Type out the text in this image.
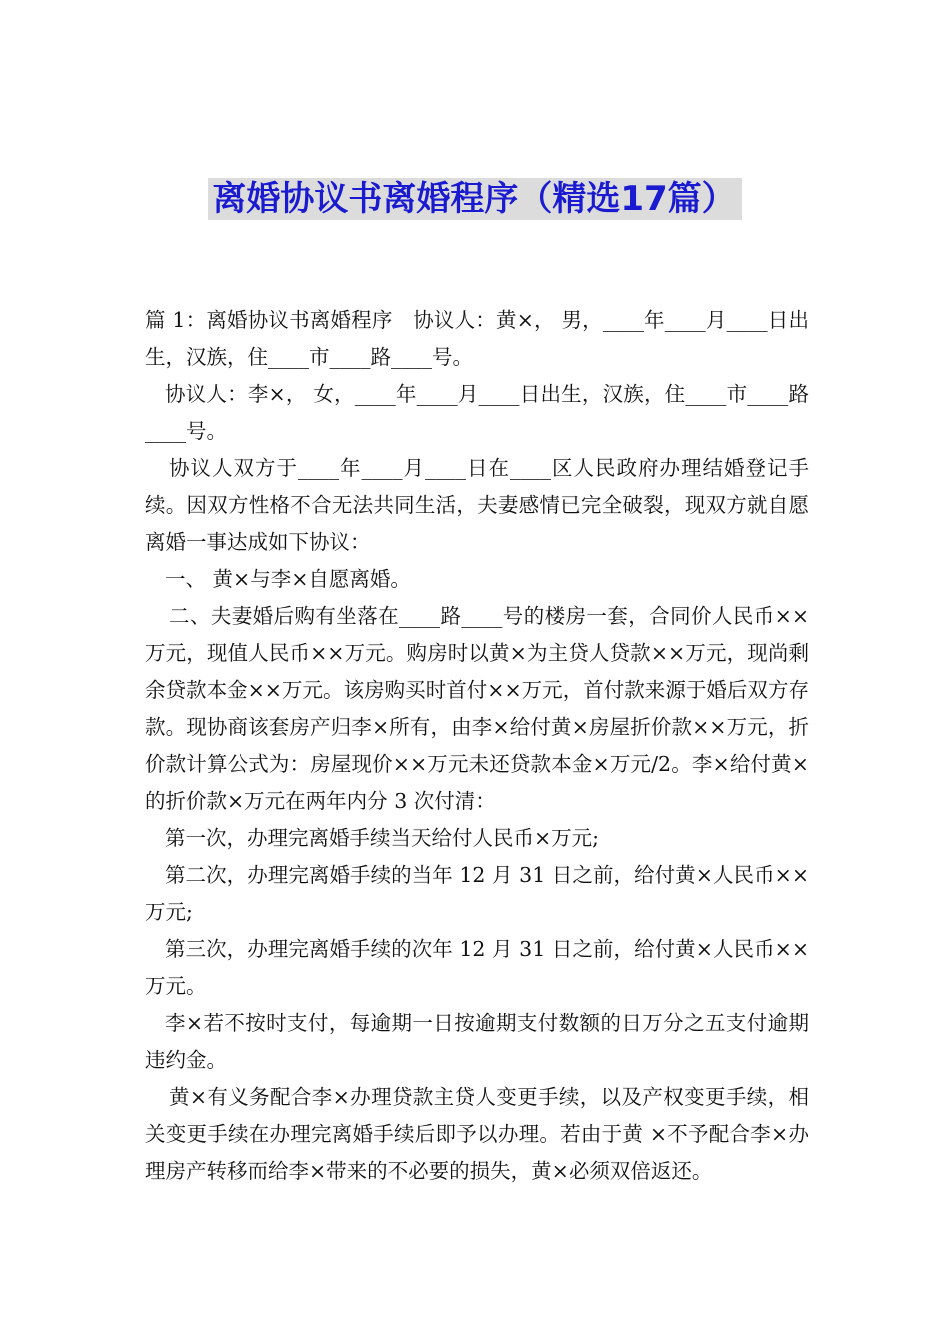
离婚协议书离婚程序（精选17篇）

篇 1：离婚协议书离婚程序　协议人：黄×， 男，____年____月____日出生，汉族，住____市____路____号。

协议人：李×， 女，____年____月____日出生，汉族，住____市____路____号。

协议人双方于____年____月____日在____区人民政府办理结婚登记手续。因双方性格不合无法共同生活，夫妻感情已完全破裂，现双方就自愿离婚一事达成如下协议：

一、 黄×与李×自愿离婚。

二、夫妻婚后购有坐落在____路____号的楼房一套，合同价人民币××万元，现值人民币××万元。购房时以黄×为主贷人贷款××万元，现尚剩余贷款本金××万元。该房购买时首付××万元，首付款来源于婚后双方存款。现协商该套房产归李×所有，由李×给付黄×房屋折价款××万元，折价款计算公式为：房屋现价××万元未还贷款本金×万元/2。李×给付黄×的折价款×万元在两年内分 3 次付清：

第一次，办理完离婚手续当天给付人民币×万元;

第二次，办理完离婚手续的当年 12 月 31 日之前，给付黄×人民币××万元;

第三次，办理完离婚手续的次年 12 月 31 日之前，给付黄×人民币××万元。

李×若不按时支付，每逾期一日按逾期支付数额的日万分之五支付逾期违约金。

黄×有义务配合李×办理贷款主贷人变更手续，以及产权变更手续，相关变更手续在办理完离婚手续后即予以办理。若由于黄 ×不予配合李×办理房产转移而给李×带来的不必要的损失，黄×必须双倍返还。
